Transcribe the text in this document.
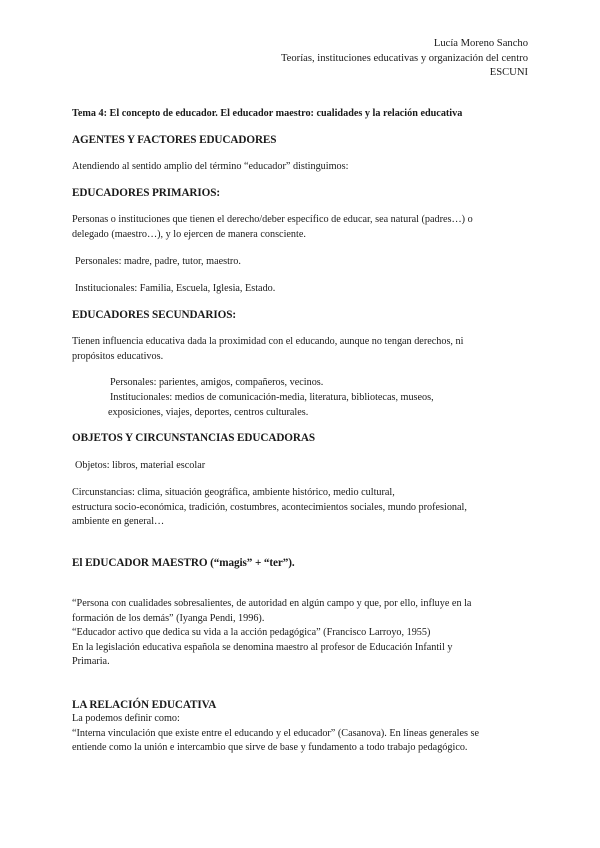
Lucía Moreno Sancho
Teorías, instituciones educativas y organización del centro
ESCUNI
Tema 4: El concepto de educador. El educador maestro: cualidades y la relación educativa
AGENTES Y FACTORES EDUCADORES
Atendiendo al sentido amplio del término “educador” distinguimos:
EDUCADORES PRIMARIOS:

Personas o instituciones que tienen el derecho/deber específico de educar, sea natural (padres…) o

delegado (maestro…), y lo ejercen de manera consciente.

Personales: madre, padre, tutor, maestro.
Institucionales: Familia, Escuela, Iglesia, Estado.
EDUCADORES SECUNDARIOS:

Tienen influencia educativa dada la proximidad con el educando, aunque no tengan derechos, ni

propósitos educativos.

Personales: parientes, amigos, compañeros, vecinos.

Institucionales: medios de comunicación-media, literatura, bibliotecas, museos,

exposiciones, viajes, deportes, centros culturales.

OBJETOS Y CIRCUNSTANCIAS EDUCADORAS
Objetos: libros, material escolar

Circunstancias: clima, situación geográfica, ambiente histórico, medio cultural,

estructura socio-económica, tradición, costumbres, acontecimientos sociales, mundo profesional,

ambiente en general…

El EDUCADOR MAESTRO (“magis” + “ter”).

“Persona con cualidades sobresalientes, de autoridad en algún campo y que, por ello, influye en la

formación de los demás” (Iyanga Pendi, 1996).

“Educador activo que dedica su vida a la acción pedagógica” (Francisco Larroyo, 1955)

En la legislación educativa española se denomina maestro al profesor de Educación Infantil y

Primaria.

LA RELACIÓN EDUCATIVA

La podemos definir como:

“Interna vinculación que existe entre el educando y el educador” (Casanova). En líneas generales se

entiende como la unión e intercambio que sirve de base y fundamento a todo trabajo pedagógico.
